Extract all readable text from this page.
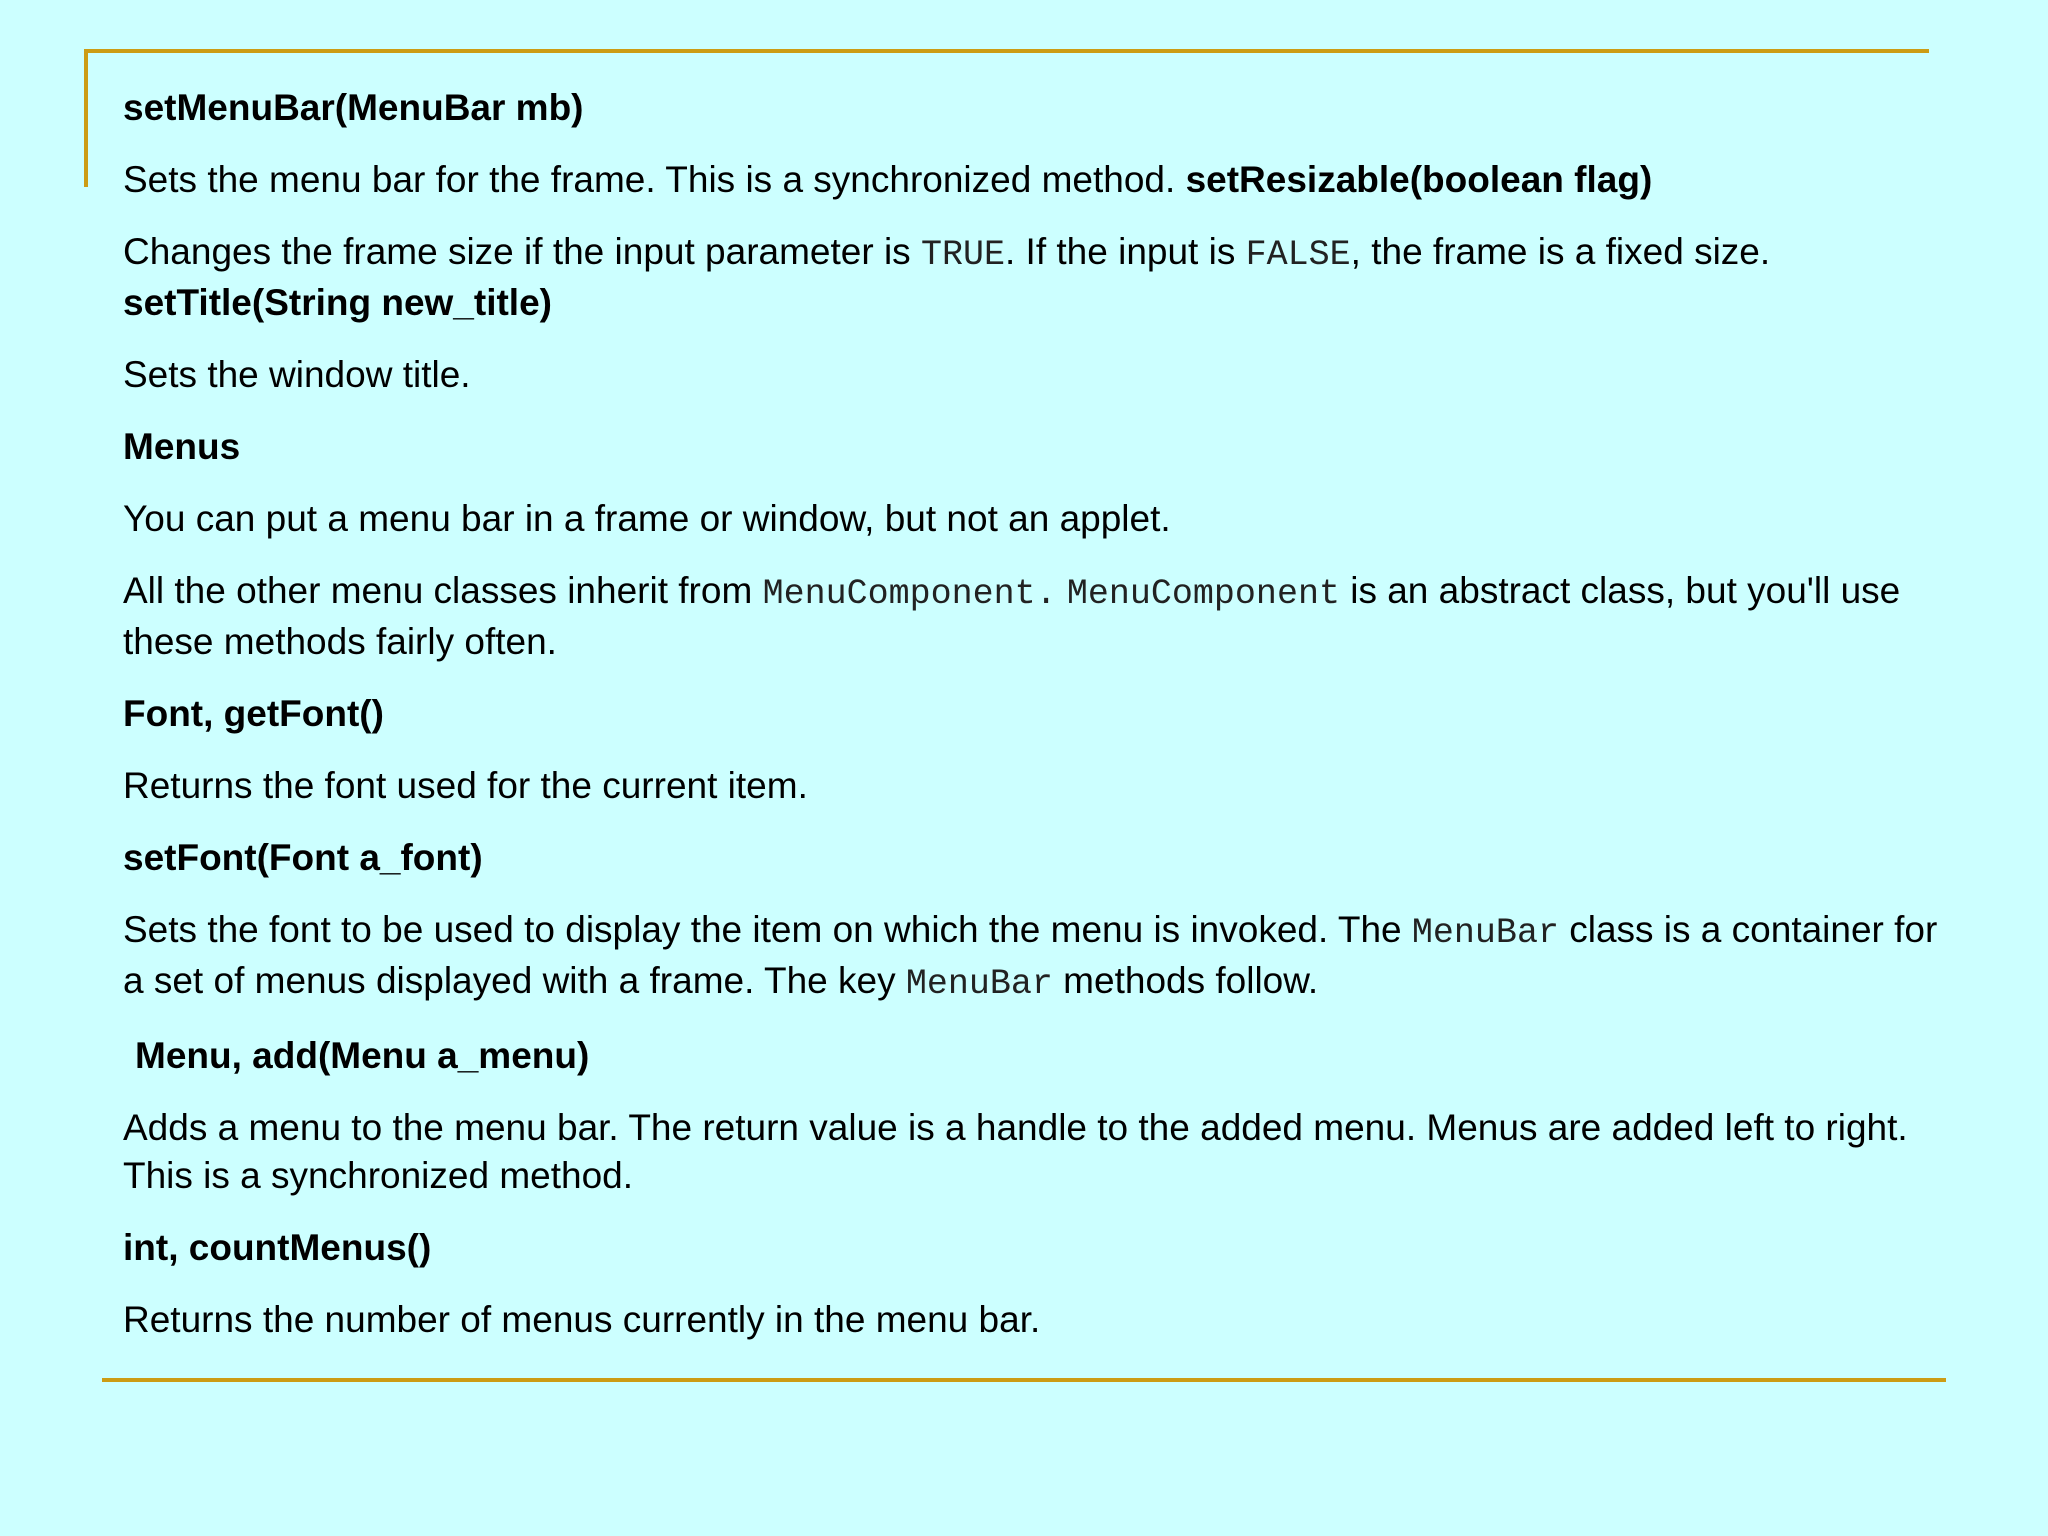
setMenuBar(MenuBar mb)

Sets the menu bar for the frame. This is a synchronized method. setResizable(boolean flag)

Changes the frame size if the input parameter is TRUE. If the input is FALSE, the frame is a fixed size.
setTitle(String new_title)

Sets the window title.

Menus

You can put a menu bar in a frame or window, but not an applet.

All the other menu classes inherit from MenuComponent. MenuComponent is an abstract class, but you'll use these methods fairly often.

Font, getFont()

Returns the font used for the current item.

setFont(Font a_font)

Sets the font to be used to display the item on which the menu is invoked. The MenuBar class is a container for a set of menus displayed with a frame. The key MenuBar methods follow.

Menu, add(Menu a_menu)

Adds a menu to the menu bar. The return value is a handle to the added menu. Menus are added left to right. This is a synchronized method.

int, countMenus()

Returns the number of menus currently in the menu bar.
